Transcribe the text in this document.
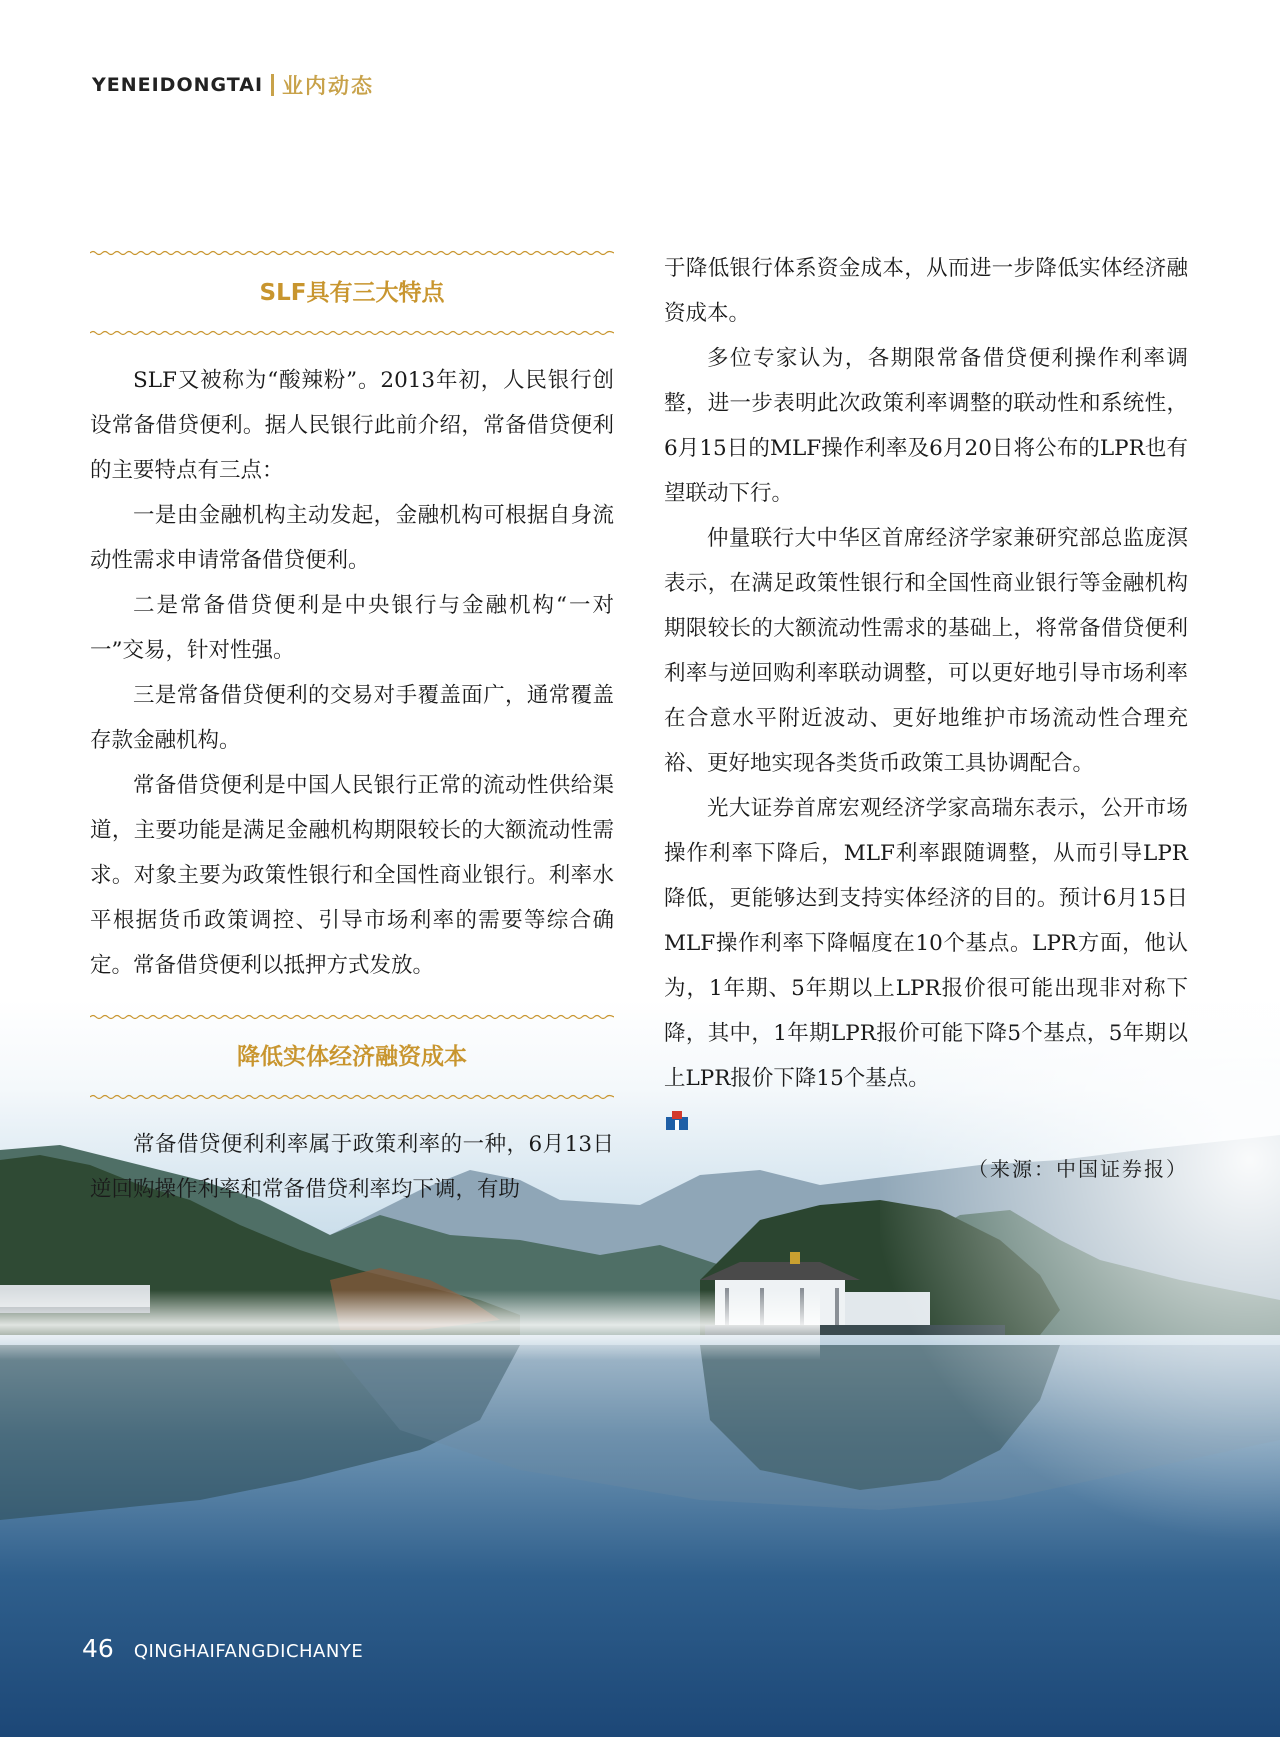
YENEIDONGTAI 业内动态
SLF具有三大特点

SLF又被称为“酸辣粉”。2013年初，人民银行创设常备借贷便利。据人民银行此前介绍，常备借贷便利的主要特点有三点：

一是由金融机构主动发起，金融机构可根据自身流动性需求申请常备借贷便利。

二是常备借贷便利是中央银行与金融机构“一对一”交易，针对性强。

三是常备借贷便利的交易对手覆盖面广，通常覆盖存款金融机构。

常备借贷便利是中国人民银行正常的流动性供给渠道，主要功能是满足金融机构期限较长的大额流动性需求。对象主要为政策性银行和全国性商业银行。利率水平根据货币政策调控、引导市场利率的需要等综合确定。常备借贷便利以抵押方式发放。

降低实体经济融资成本

常备借贷便利利率属于政策利率的一种，6月13日逆回购操作利率和常备借贷利率均下调，有助

于降低银行体系资金成本，从而进一步降低实体经济融资成本。

多位专家认为，各期限常备借贷便利操作利率调整，进一步表明此次政策利率调整的联动性和系统性，6月15日的MLF操作利率及6月20日将公布的LPR也有望联动下行。

仲量联行大中华区首席经济学家兼研究部总监庞溟表示，在满足政策性银行和全国性商业银行等金融机构期限较长的大额流动性需求的基础上，将常备借贷便利利率与逆回购利率联动调整，可以更好地引导市场利率在合意水平附近波动、更好地维护市场流动性合理充裕、更好地实现各类货币政策工具协调配合。

光大证券首席宏观经济学家高瑞东表示，公开市场操作利率下降后，MLF利率跟随调整，从而引导LPR降低，更能够达到支持实体经济的目的。预计6月15日MLF操作利率下降幅度在10个基点。LPR方面，他认为，1年期、5年期以上LPR报价很可能出现非对称下降，其中，1年期LPR报价可能下降5个基点，5年期以上LPR报价下降15个基点。

（来源：中国证券报）

46 QINGHAIFANGDICHANYE
